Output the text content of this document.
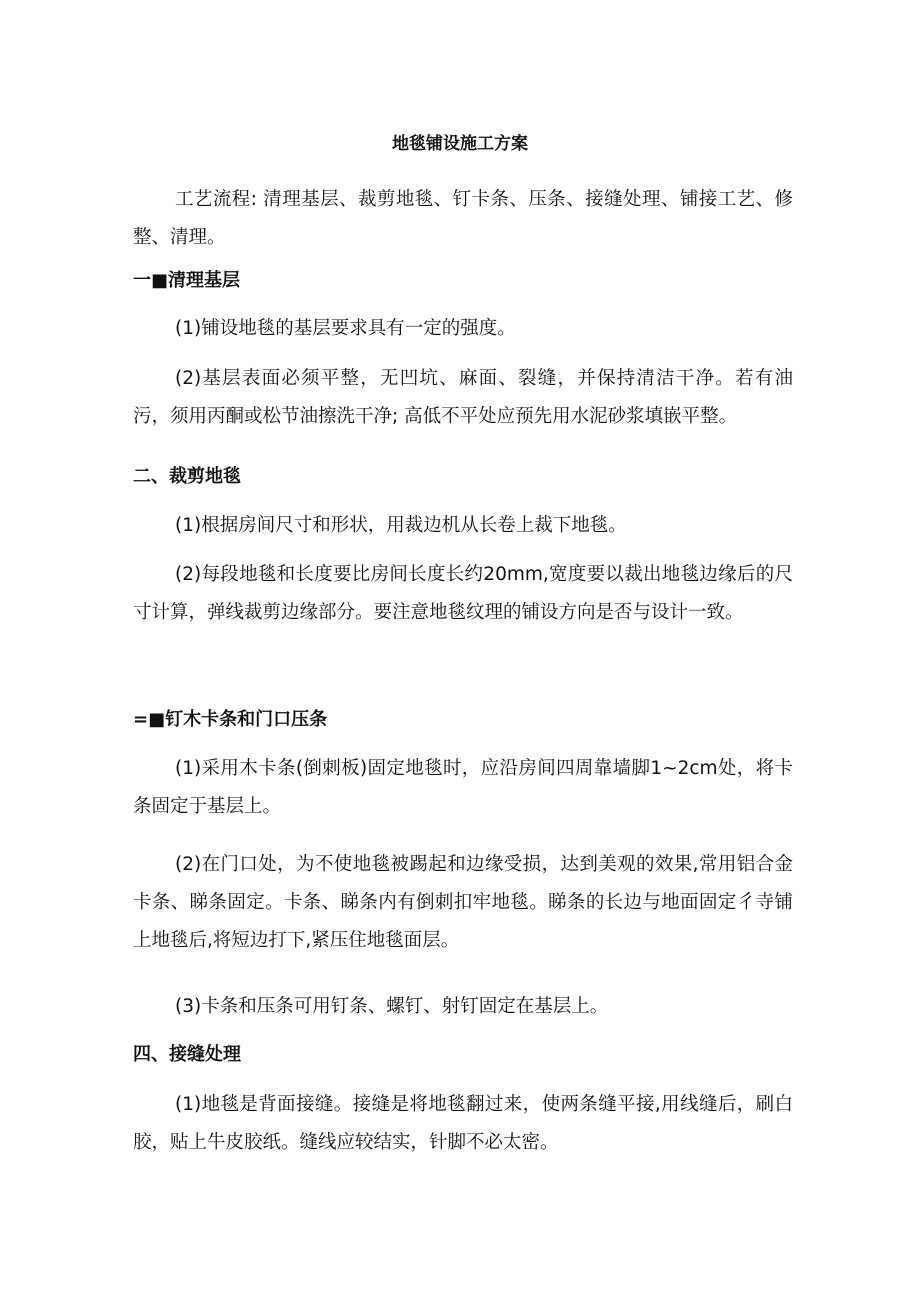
地毯铺设施工方案
工艺流程: 清理基层、裁剪地毯、钉卡条、压条、接缝处理、铺接工艺、修整、清理。
一■清理基层
(1)铺设地毯的基层要求具有一定的强度。
(2)基层表面必须平整，无凹坑、麻面、裂缝，并保持清洁干净。若有油污，须用丙酮或松节油擦洗干净; 高低不平处应预先用水泥砂浆填嵌平整。
二、裁剪地毯
(1)根据房间尺寸和形状，用裁边机从长卷上裁下地毯。
(2)每段地毯和长度要比房间长度长约20mm,宽度要以裁出地毯边缘后的尺寸计算，弹线裁剪边缘部分。要注意地毯纹理的铺设方向是否与设计一致。
=■钉木卡条和门口压条
(1)采用木卡条(倒刺板)固定地毯时，应沿房间四周靠墙脚1~2cm处，将卡条固定于基层上。
(2)在门口处，为不使地毯被踢起和边缘受损，达到美观的效果,常用铝合金卡条、睇条固定。卡条、睇条内有倒刺扣牢地毯。睇条的长边与地面固定彳寺铺上地毯后,将短边打下,紧压住地毯面层。
(3)卡条和压条可用钉条、螺钉、射钉固定在基层上。
四、接缝处理
(1)地毯是背面接缝。接缝是将地毯翻过来，使两条缝平接,用线缝后，刷白胶，贴上牛皮胶纸。缝线应较结实，针脚不必太密。
